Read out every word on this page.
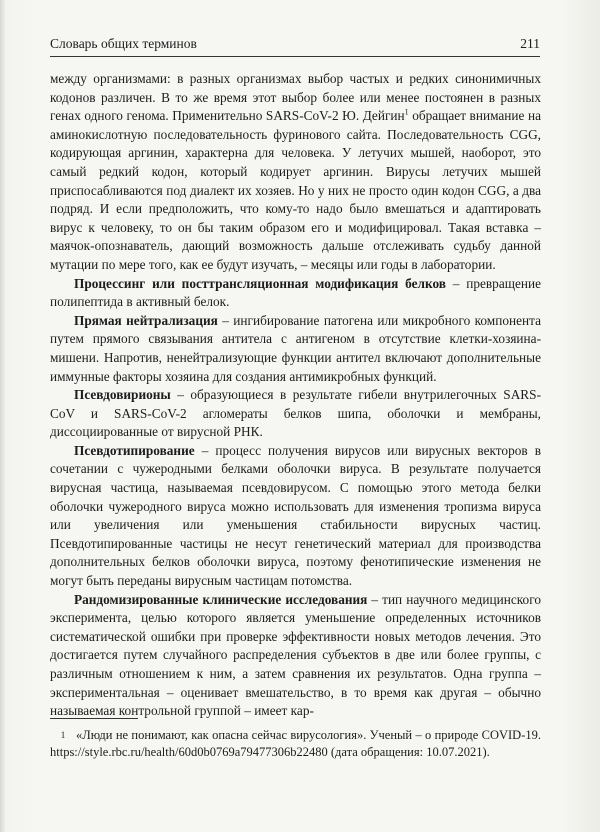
Словарь общих терминов	211

между организмами: в разных организмах выбор частых и редких синонимичных кодонов различен. В то же время этот выбор более или менее постоянен в разных генах одного генома. Применительно SARS-CoV-2 Ю. Дейгин$^1$ обращает внимание на аминокислотную последовательность фуринового сайта. Последовательность CGG, кодирующая аргинин, характерна для человека. У летучих мышей, наоборот, это самый редкий кодон, который кодирует аргинин. Вирусы летучих мышей приспосабливаются под диалект их хозяев. Но у них не просто один кодон CGG, а два подряд. И если предположить, что кому-то надо было вмешаться и адаптировать вирус к человеку, то он бы таким образом его и модифицировал. Такая вставка – маячок-опознаватель, дающий возможность дальше отслеживать судьбу данной мутации по мере того, как ее будут изучать, – месяцы или годы в лаборатории.

Процессинг или посттрансляционная модификация белков – превращение полипептида в активный белок.

Прямая нейтрализация – ингибирование патогена или микробного компонента путем прямого связывания антитела с антигеном в отсутствие клетки-хозяина-мишени. Напротив, ненейтрализующие функции антител включают дополнительные иммунные факторы хозяина для создания антимикробных функций.

Псевдовирионы – образующиеся в результате гибели внутрилегочных SARS-CoV и SARS-CoV-2 агломераты белков шипа, оболочки и мембраны, диссоциированные от вирусной РНК.

Псевдотипирование – процесс получения вирусов или вирусных векторов в сочетании с чужеродными белками оболочки вируса. В результате получается вирусная частица, называемая псевдовирусом. С помощью этого метода белки оболочки чужеродного вируса можно использовать для изменения тропизма вируса или увеличения или уменьшения стабильности вирусных частиц. Псевдотипированные частицы не несут генетический материал для производства дополнительных белков оболочки вируса, поэтому фенотипические изменения не могут быть переданы вирусным частицам потомства.

Рандомизированные клинические исследования – тип научного медицинского эксперимента, целью которого является уменьшение определенных источников систематической ошибки при проверке эффективности новых методов лечения. Это достигается путем случайного распределения субъектов в две или более группы, с различным отношением к ним, а затем сравнения их результатов. Одна группа – экспериментальная – оценивает вмешательство, в то время как другая – обычно называемая контрольной группой – имеет кар-

1 «Люди не понимают, как опасна сейчас вирусология». Ученый – о природе COVID-19. https://style.rbc.ru/health/60d0b0769a79477306b22480 (дата обращения: 10.07.2021).
